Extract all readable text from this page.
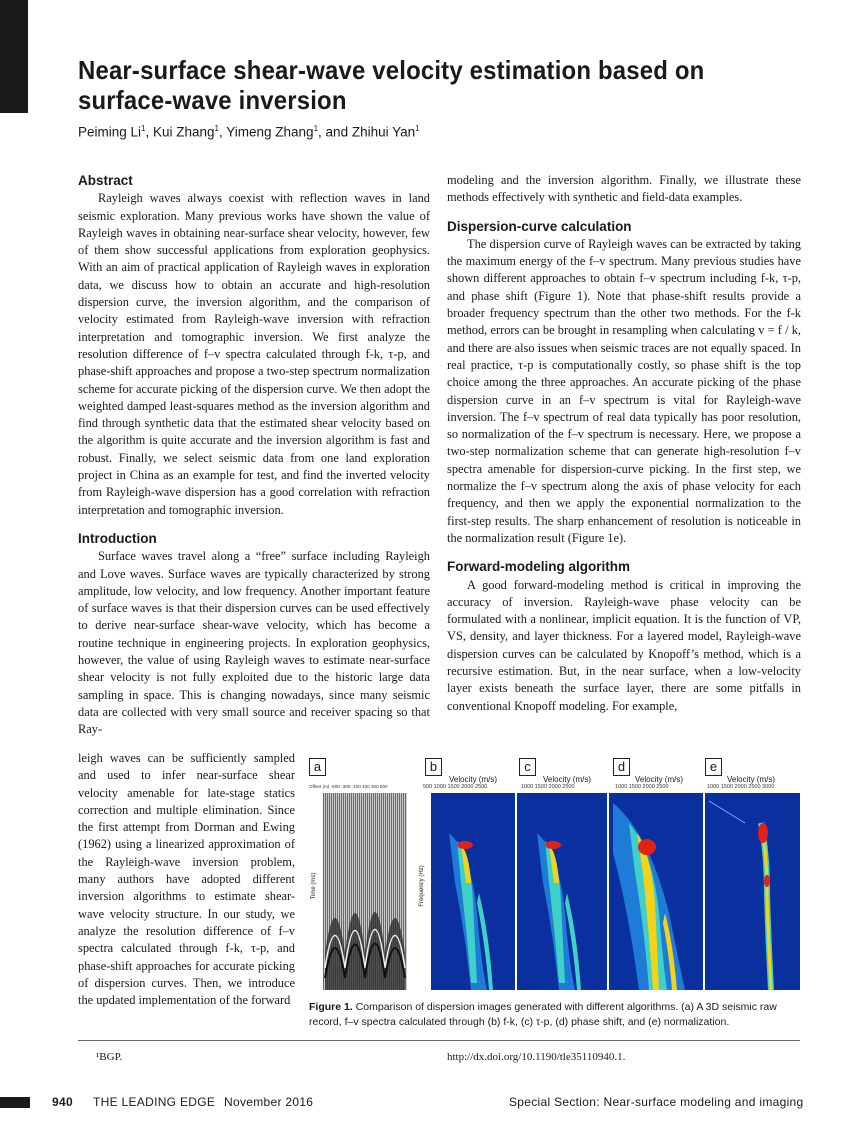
Near-surface shear-wave velocity estimation based on surface-wave inversion
Peiming Li$^1$, Kui Zhang$^1$, Yimeng Zhang$^1$, and Zhihui Yan$^1$
Abstract

Rayleigh waves always coexist with reflection waves in land seismic exploration. Many previous works have shown the value of Rayleigh waves in obtaining near-surface shear velocity, however, few of them show successful applications from exploration geophysics. With an aim of practical application of Rayleigh waves in exploration data, we discuss how to obtain an accurate and high-resolution dispersion curve, the inversion algorithm, and the comparison of velocity estimated from Rayleigh-wave inversion with refraction interpretation and tomographic inversion. We first analyze the resolution difference of f–v spectra calculated through f-k, τ-p, and phase-shift approaches and propose a two-step spectrum normalization scheme for accurate picking of the dispersion curve. We then adopt the weighted damped least-squares method as the inversion algorithm and find through synthetic data that the estimated shear velocity based on the algorithm is quite accurate and the inversion algorithm is fast and robust. Finally, we select seismic data from one land exploration project in China as an example for test, and find the inverted velocity from Rayleigh-wave dispersion has a good correlation with refraction interpretation and tomographic inversion.

Introduction

Surface waves travel along a “free” surface including Rayleigh and Love waves. Surface waves are typically characterized by strong amplitude, low velocity, and low frequency. Another important feature of surface waves is that their dispersion curves can be used effectively to derive near-surface shear-wave velocity, which has become a routine technique in engineering projects. In exploration geophysics, however, the value of using Rayleigh waves to estimate near-surface shear velocity is not fully exploited due to the historic large data sampling in space. This is changing nowadays, since many seismic data are collected with very small source and receiver spacing so that Ray-

leigh waves can be sufficiently sampled and used to infer near-surface shear velocity amenable for late-stage statics correction and multiple elimination. Since the first attempt from Dorman and Ewing (1962) using a linearized approximation of the Rayleigh-wave inversion problem, many authors have adopted different inversion algorithms to estimate shear-wave velocity structure. In our study, we analyze the resolution difference of f–v spectra calculated through f-k, τ-p, and phase-shift approaches for accurate picking of dispersion curves. Then, we introduce the updated implementation of the forward

modeling and the inversion algorithm. Finally, we illustrate these methods effectively with synthetic and field-data examples.

Dispersion-curve calculation

The dispersion curve of Rayleigh waves can be extracted by taking the maximum energy of the f–v spectrum. Many previous studies have shown different approaches to obtain f–v spectrum including f-k, τ-p, and phase shift (Figure 1). Note that phase-shift results provide a broader frequency spectrum than the other two methods. For the f-k method, errors can be brought in resampling when calculating v = f / k, and there are also issues when seismic traces are not equally spaced. In real practice, τ-p is computationally costly, so phase shift is the top choice among the three approaches. An accurate picking of the phase dispersion curve in an f–v spectrum is vital for Rayleigh-wave inversion. The f–v spectrum of real data typically has poor resolution, so normalization of the f–v spectrum is necessary. Here, we propose a two-step normalization scheme that can generate high-resolution f–v spectra amenable for dispersion-curve picking. In the first step, we normalize the f–v spectrum along the axis of phase velocity for each frequency, and then we apply the exponential normalization to the first-step results. The sharp enhancement of resolution is noticeable in the normalization result (Figure 1e).

Forward-modeling algorithm

A good forward-modeling method is critical in improving the accuracy of inversion. Rayleigh-wave phase velocity can be formulated with a nonlinear, implicit equation. It is the function of VP, VS, density, and layer thickness. For a layered model, Rayleigh-wave dispersion curves can be calculated by Knopoff’s method, which is a recursive estimation. But, in the near surface, when a low-velocity layer exists beneath the surface layer, there are some pitfalls in conventional Knopoff modeling. For example,

a
Offset (m) -500 -300 -100 100 300 500
Time (ms)
b
Velocity (m/s)
500 1000 1500 2000 2500
Frequency (Hz)
c
Velocity (m/s)
1000 1500 2000 2500
d
Velocity (m/s)
1000 1500 2000 2500
e
Velocity (m/s)
1000 1500 2000 2500 3000
Figure 1. Comparison of dispersion images generated with different algorithms. (a) A 3D seismic raw record, f–v spectra calculated through (b) f-k, (c) τ-p, (d) phase shift, and (e) normalization.
¹BGP.	http://dx.doi.org/10.1190/tle35110940.1.
940 THE LEADING EDGE November 2016	Special Section: Near-surface modeling and imaging
